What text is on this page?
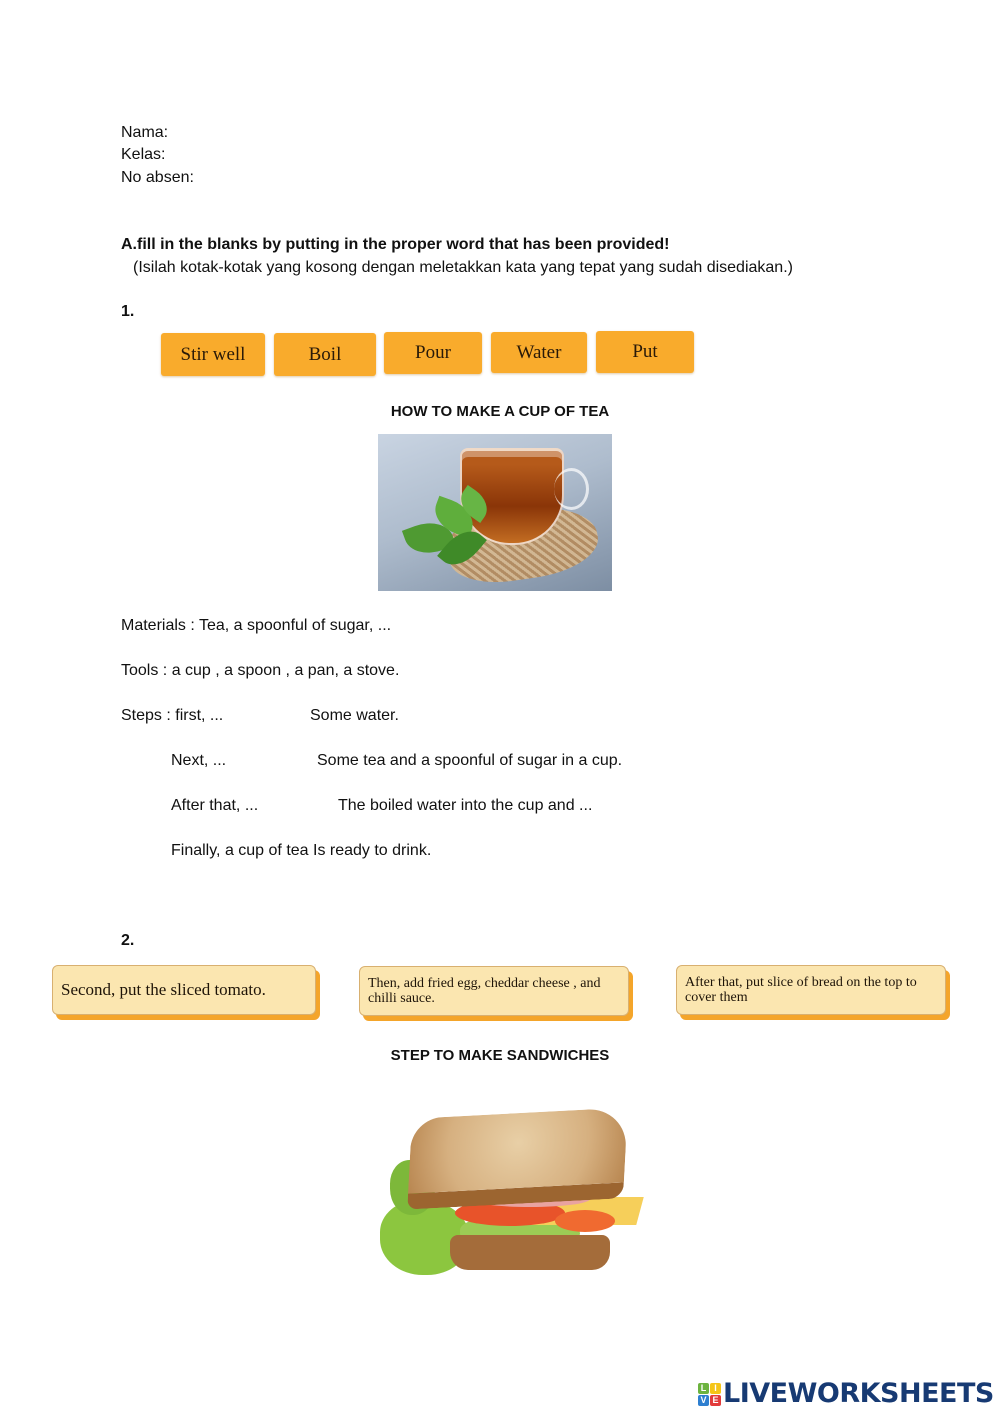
Nama:
Kelas:
No absen:
A.fill in the blanks by putting in the proper word that has been provided!
(Isilah kotak-kotak yang kosong dengan meletakkan kata yang tepat yang sudah disediakan.)
1.
Stir well	Boil	Pour	Water	Put
HOW TO MAKE A CUP OF TEA
Materials : Tea, a spoonful of sugar, ...
Tools : a cup , a spoon , a pan, a stove.
Steps : first, ...	Some water.
Next, ...	Some tea and a spoonful of sugar in a cup.
After that, ...	The boiled water into the cup and ...
Finally, a cup of tea Is ready to drink.
2.
Second, put the sliced tomato.	Then, add fried egg, cheddar cheese , and chilli sauce.
After that, put slice of bread on the top to cover them
STEP TO MAKE SANDWICHES
L I
V E LIVEWORKSHEETS
